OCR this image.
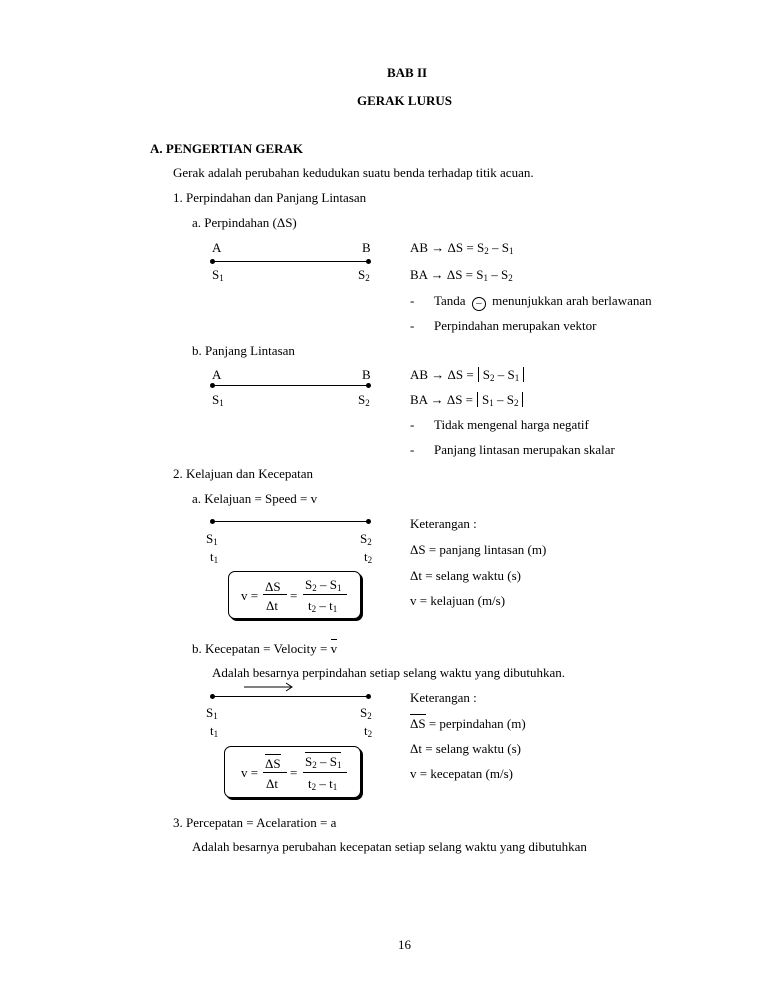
BAB II
GERAK LURUS
A. PENGERTIAN GERAK
Gerak adalah perubahan kedudukan suatu benda terhadap titik acuan.
1. Perpindahan dan Panjang Lintasan
a. Perpindahan (ΔS)
A	B
$S_1$	$S_2$
AB → $\Delta S = S_2 - S_1$
BA → $\Delta S = S_1 - S_2$
- Tanda – menunjukkan arah berlawanan
- Perpindahan merupakan vektor
b. Panjang Lintasan
A	B
$S_1$	$S_2$
AB → $\Delta S = S_2 - S_1$
BA → $\Delta S = S_1 - S_2$
- Tidak mengenal harga negatif
- Panjang lintasan merupakan skalar
2. Kelajuan dan Kecepatan
a. Kelajuan = Speed = v
$S_1$	$S_2$
$t_1$	$t_2$
v =
ΔS
Δt
=
$S_2 - S_1$
$t_2 - t_1$
Keterangan :
ΔS = panjang lintasan (m)
Δt = selang waktu (s)
v = kelajuan (m/s)
b. Kecepatan = Velocity = v
Adalah besarnya perpindahan setiap selang waktu yang dibutuhkan.
$S_1$	$S_2$
$t_1$	$t_2$
v =
ΔS
Δt
=
$S_2 - S_1$
$t_2 - t_1$
Keterangan :
ΔS = perpindahan (m)
Δt = selang waktu (s)
v = kecepatan (m/s)
3. Percepatan = Acelaration = a
Adalah besarnya perubahan kecepatan setiap selang waktu yang dibutuhkan
16
